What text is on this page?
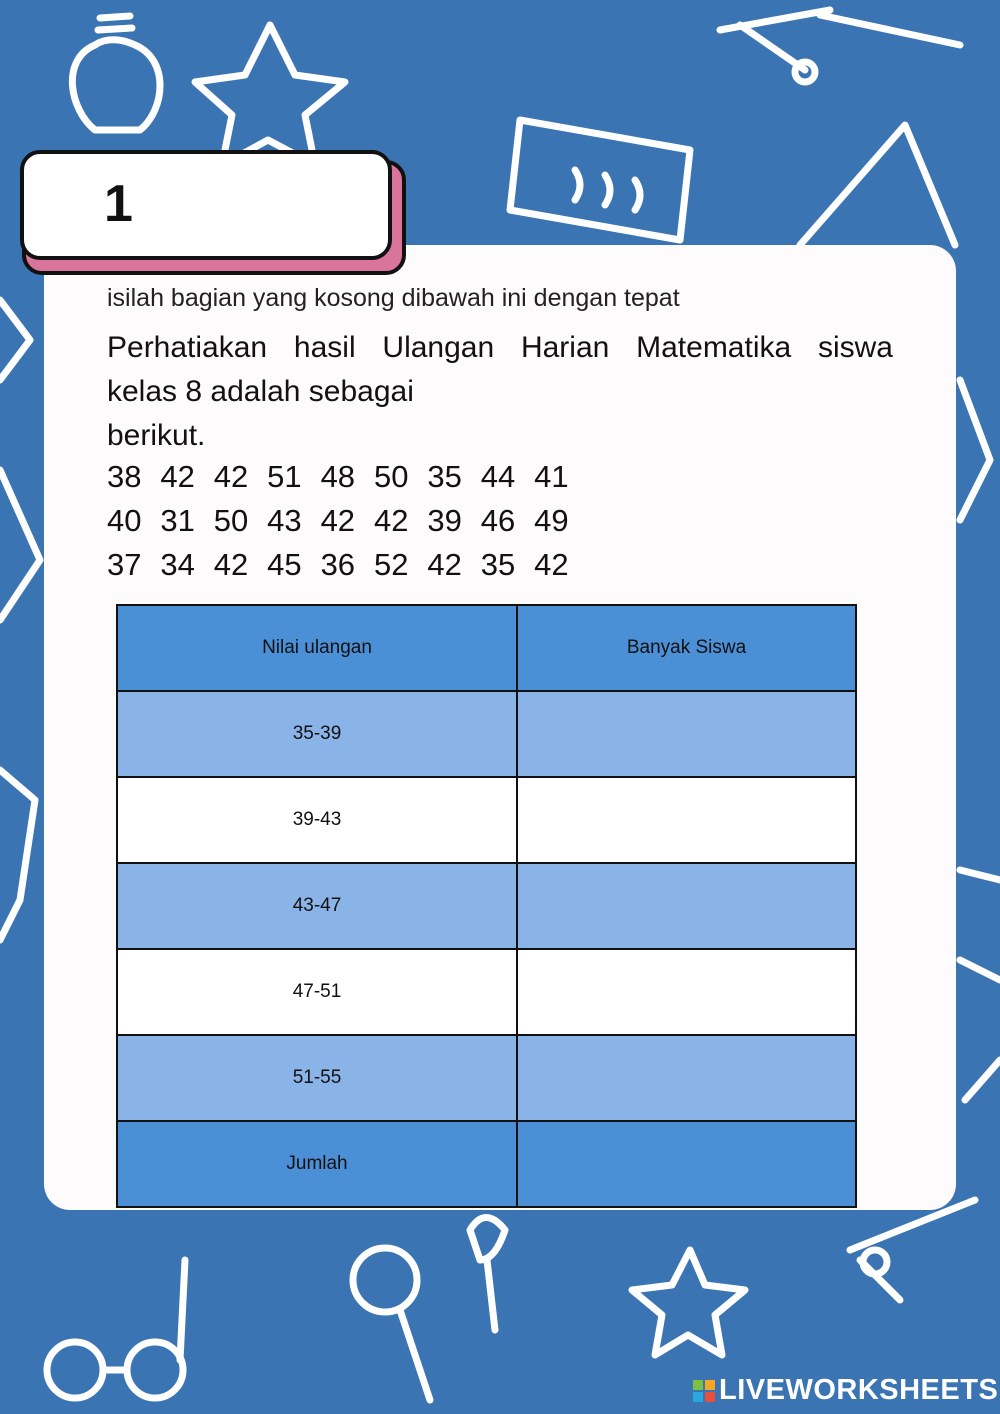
1
isilah bagian yang kosong dibawah ini dengan tepat
Perhatiakan hasil Ulangan Harian Matematika siswa
kelas 8 adalah sebagai
berikut.
38 42 42 51 48 50 35 44 41
40 31 50 43 42 42 39 46 49
37 34 42 45 36 52 42 35 42
Nilai ulangan	Banyak Siswa
35-39	
39-43	
43-47	
47-51	
51-55	
Jumlah	
LIVEWORKSHEETS
